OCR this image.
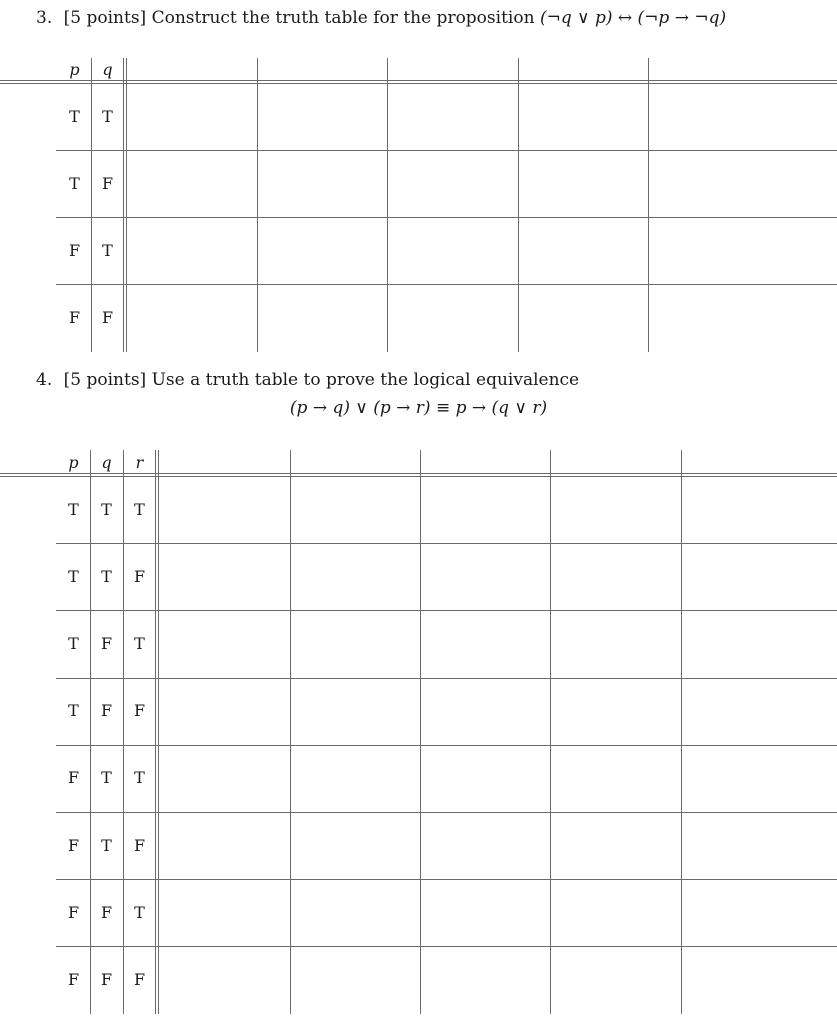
3. [5 points] Construct the truth table for the proposition (¬q ∨ p) ↔ (¬p → ¬q)
p	q
T	T
T	F
F	T
F	F
4. [5 points] Use a truth table to prove the logical equivalence
(p → q) ∨ (p → r) ≡ p → (q ∨ r)
p	q	r
T	T	T
T	T	F
T	F	T
T	F	F
F	T	T
F	T	F
F	F	T
F	F	F
